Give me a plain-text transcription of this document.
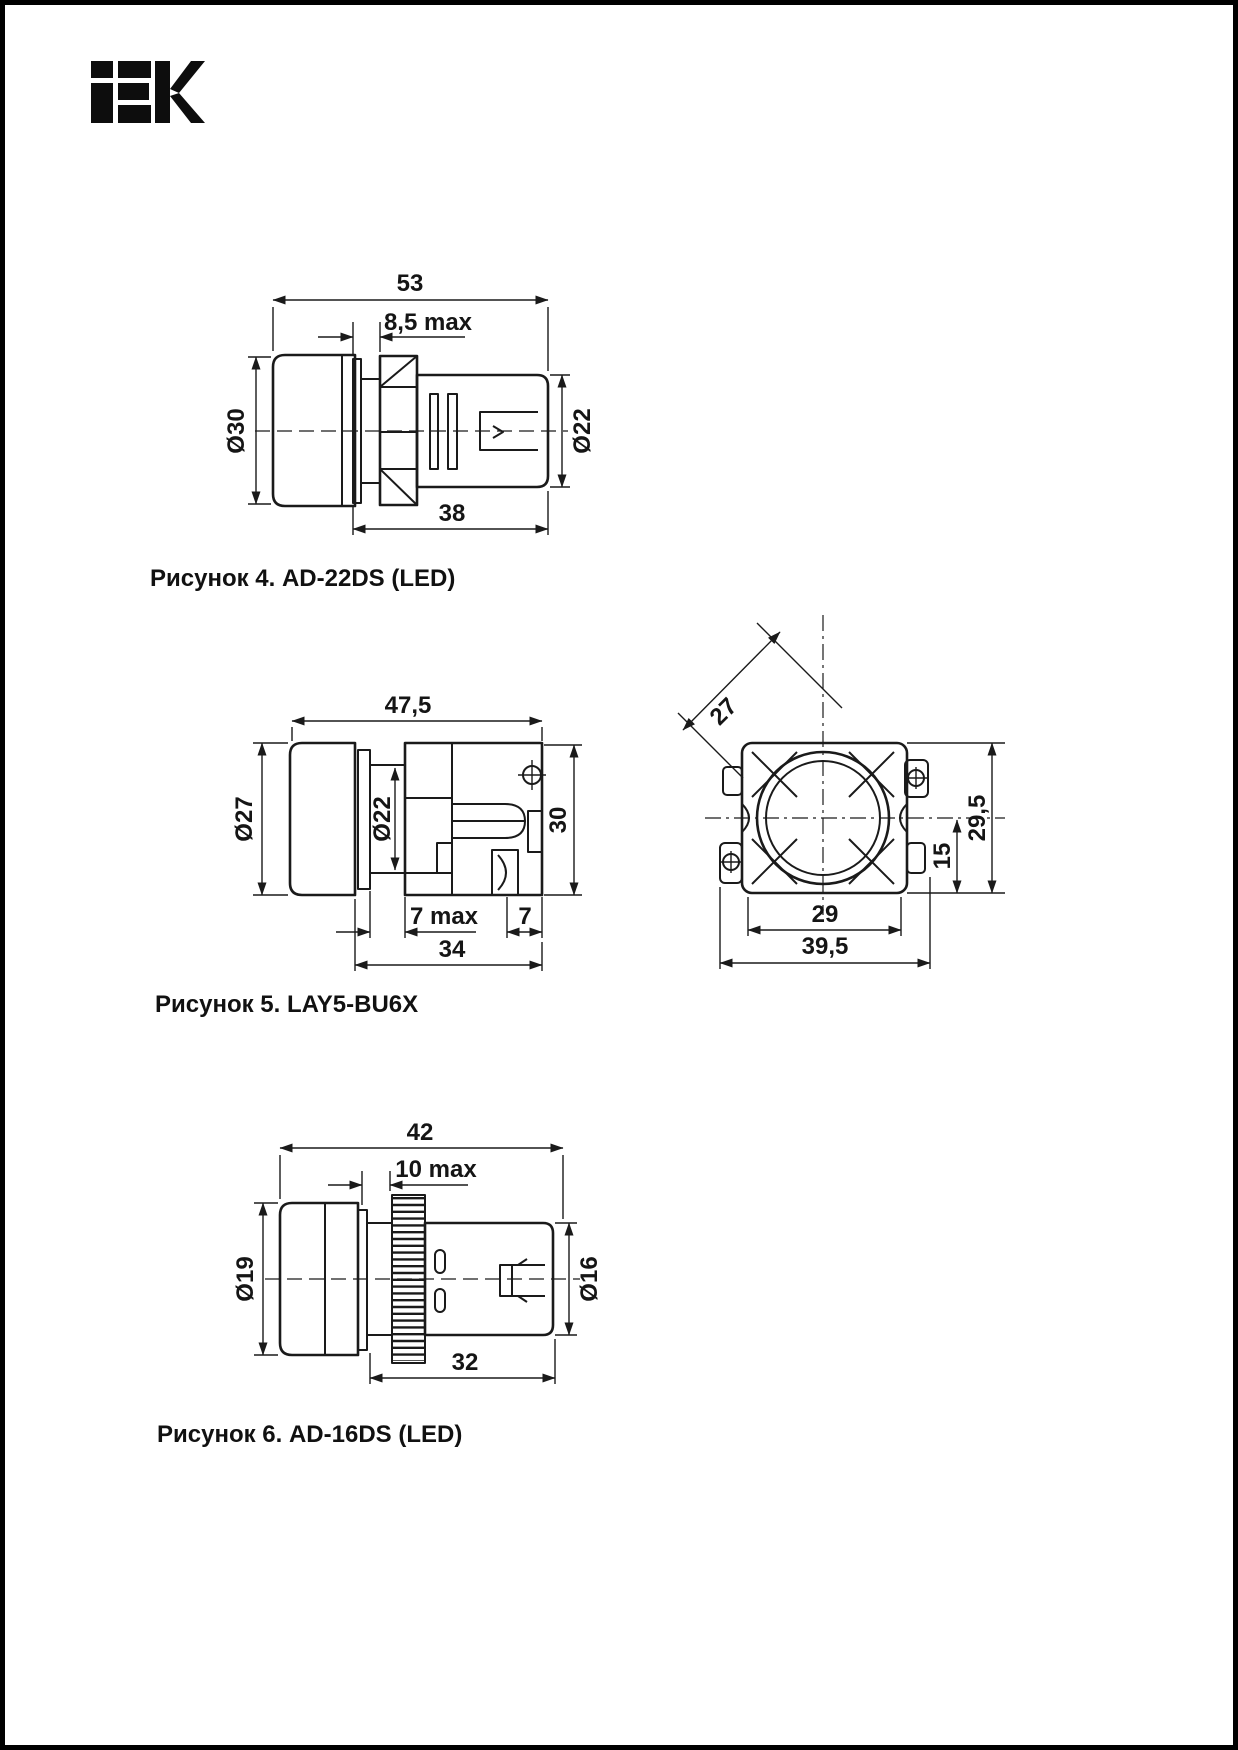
53
8,5 max
Ø30	Ø22
38
Рисунок 4. AD-22DS (LED)
47,5
Ø27	Ø22	30
7 max 7
34
27
15
29,5
29
39,5
Рисунок 5. LAY5-BU6X
42
10 max
Ø19	Ø16
32
Рисунок 6. AD-16DS (LED)
